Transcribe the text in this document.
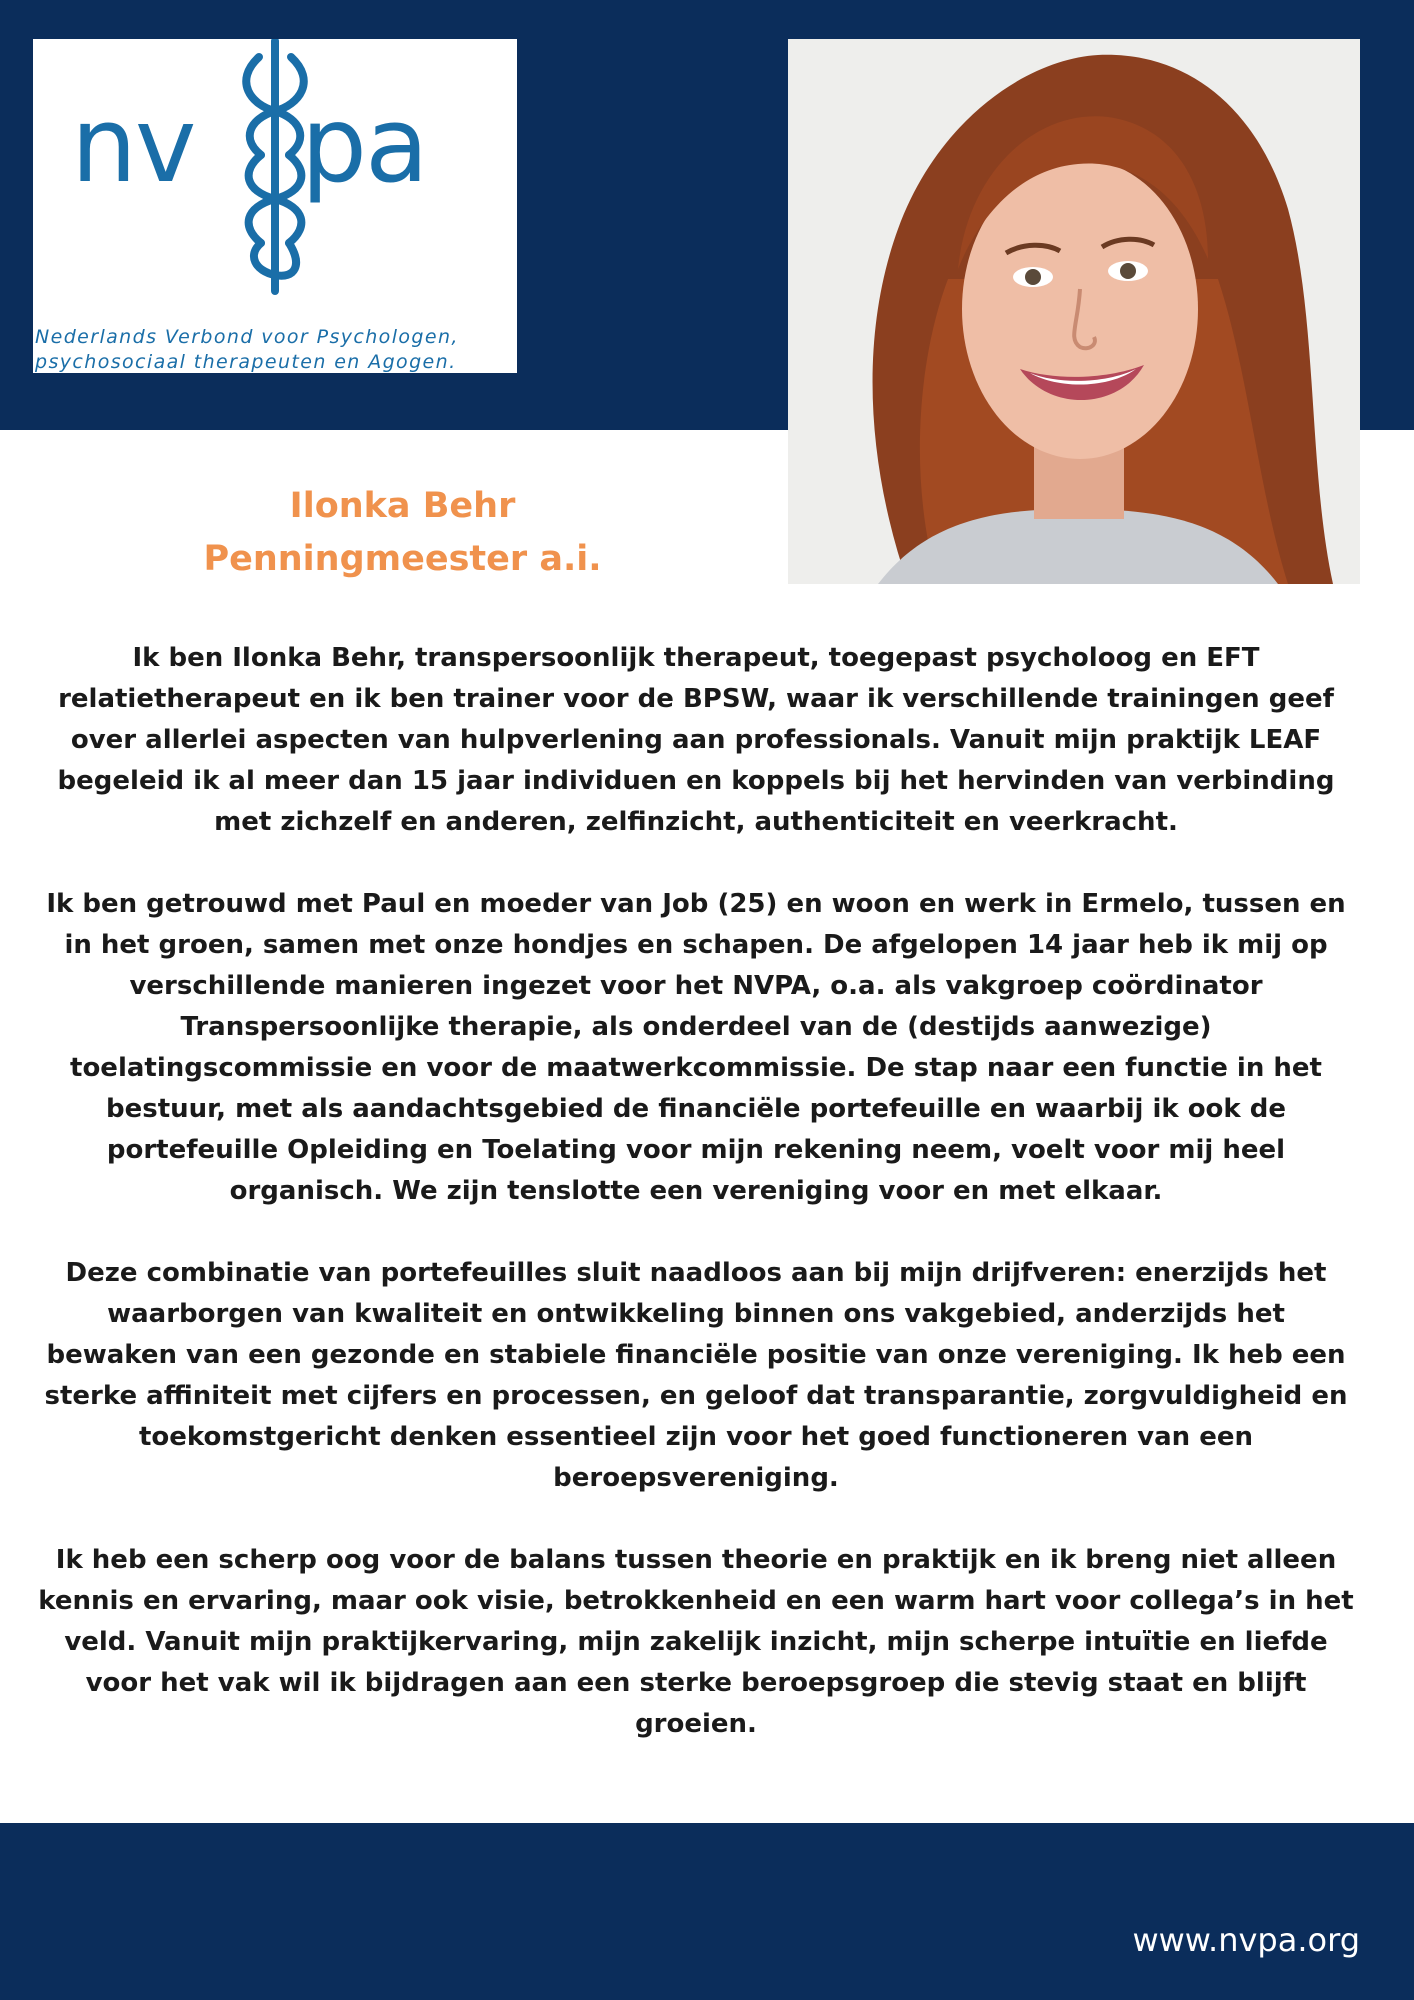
nv pa
Nederlands Verbond voor Psychologen,
psychosociaal therapeuten en Agogen.
Ilonka Behr
Penningmeester a.i.

Ik ben Ilonka Behr, transpersoonlijk therapeut, toegepast psycholoog en EFT relatietherapeut en ik ben trainer voor de BPSW, waar ik verschillende trainingen geef over allerlei aspecten van hulpverlening aan professionals. Vanuit mijn praktijk LEAF begeleid ik al meer dan 15 jaar individuen en koppels bij het hervinden van verbinding met zichzelf en anderen, zelfinzicht, authenticiteit en veerkracht.

Ik ben getrouwd met Paul en moeder van Job (25) en woon en werk in Ermelo, tussen en in het groen, samen met onze hondjes en schapen. De afgelopen 14 jaar heb ik mij op verschillende manieren ingezet voor het NVPA, o.a. als vakgroep coördinator Transpersoonlijke therapie, als onderdeel van de (destijds aanwezige) toelatingscommissie en voor de maatwerkcommissie. De stap naar een functie in het bestuur, met als aandachtsgebied de financiële portefeuille en waarbij ik ook de portefeuille Opleiding en Toelating voor mijn rekening neem, voelt voor mij heel organisch. We zijn tenslotte een vereniging voor en met elkaar.

Deze combinatie van portefeuilles sluit naadloos aan bij mijn drijfveren: enerzijds het waarborgen van kwaliteit en ontwikkeling binnen ons vakgebied, anderzijds het bewaken van een gezonde en stabiele financiële positie van onze vereniging. Ik heb een sterke affiniteit met cijfers en processen, en geloof dat transparantie, zorgvuldigheid en toekomstgericht denken essentieel zijn voor het goed functioneren van een beroepsvereniging.

Ik heb een scherp oog voor de balans tussen theorie en praktijk en ik breng niet alleen kennis en ervaring, maar ook visie, betrokkenheid en een warm hart voor collega’s in het veld. Vanuit mijn praktijkervaring, mijn zakelijk inzicht, mijn scherpe intuïtie en liefde voor het vak wil ik bijdragen aan een sterke beroepsgroep die stevig staat en blijft groeien.

www.nvpa.org
